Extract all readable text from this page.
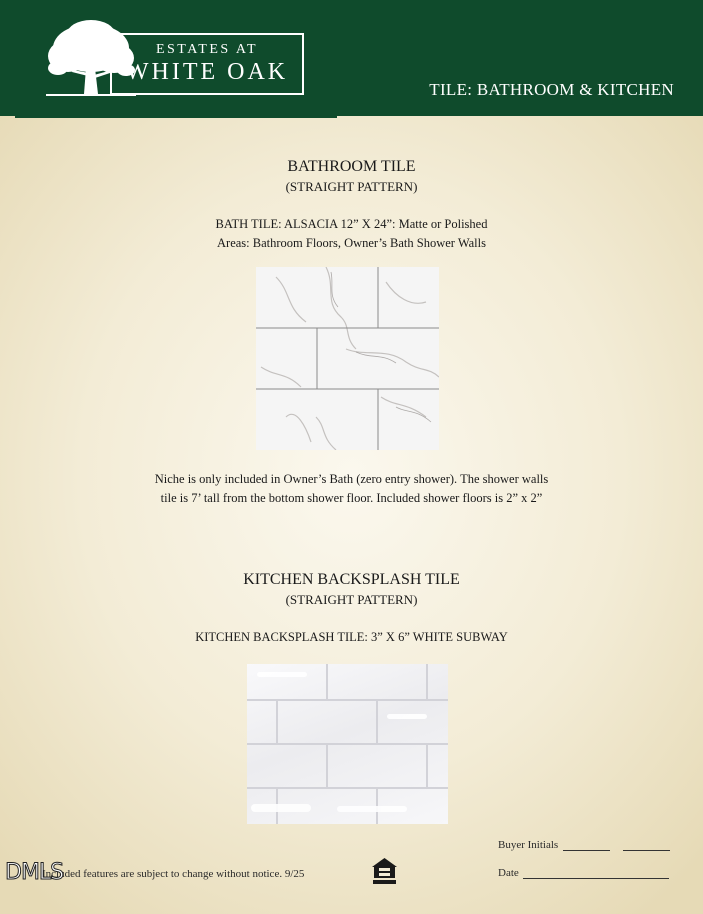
ESTATES AT
WHITE OAK
TILE: BATHROOM & KITCHEN
BATHROOM TILE
(STRAIGHT PATTERN)
BATH TILE: ALSACIA 12” X 24”: Matte or Polished
Areas: Bathroom Floors, Owner’s Bath Shower Walls
Niche is only included in Owner’s Bath (zero entry shower). The shower walls
tile is 7’ tall from the bottom shower floor. Included shower floors is 2” x 2”
KITCHEN BACKSPLASH TILE
(STRAIGHT PATTERN)
KITCHEN BACKSPLASH TILE: 3” X 6” WHITE SUBWAY
Included features are subject to change without notice. 9/25
DMLS
Buyer Initials
Date
